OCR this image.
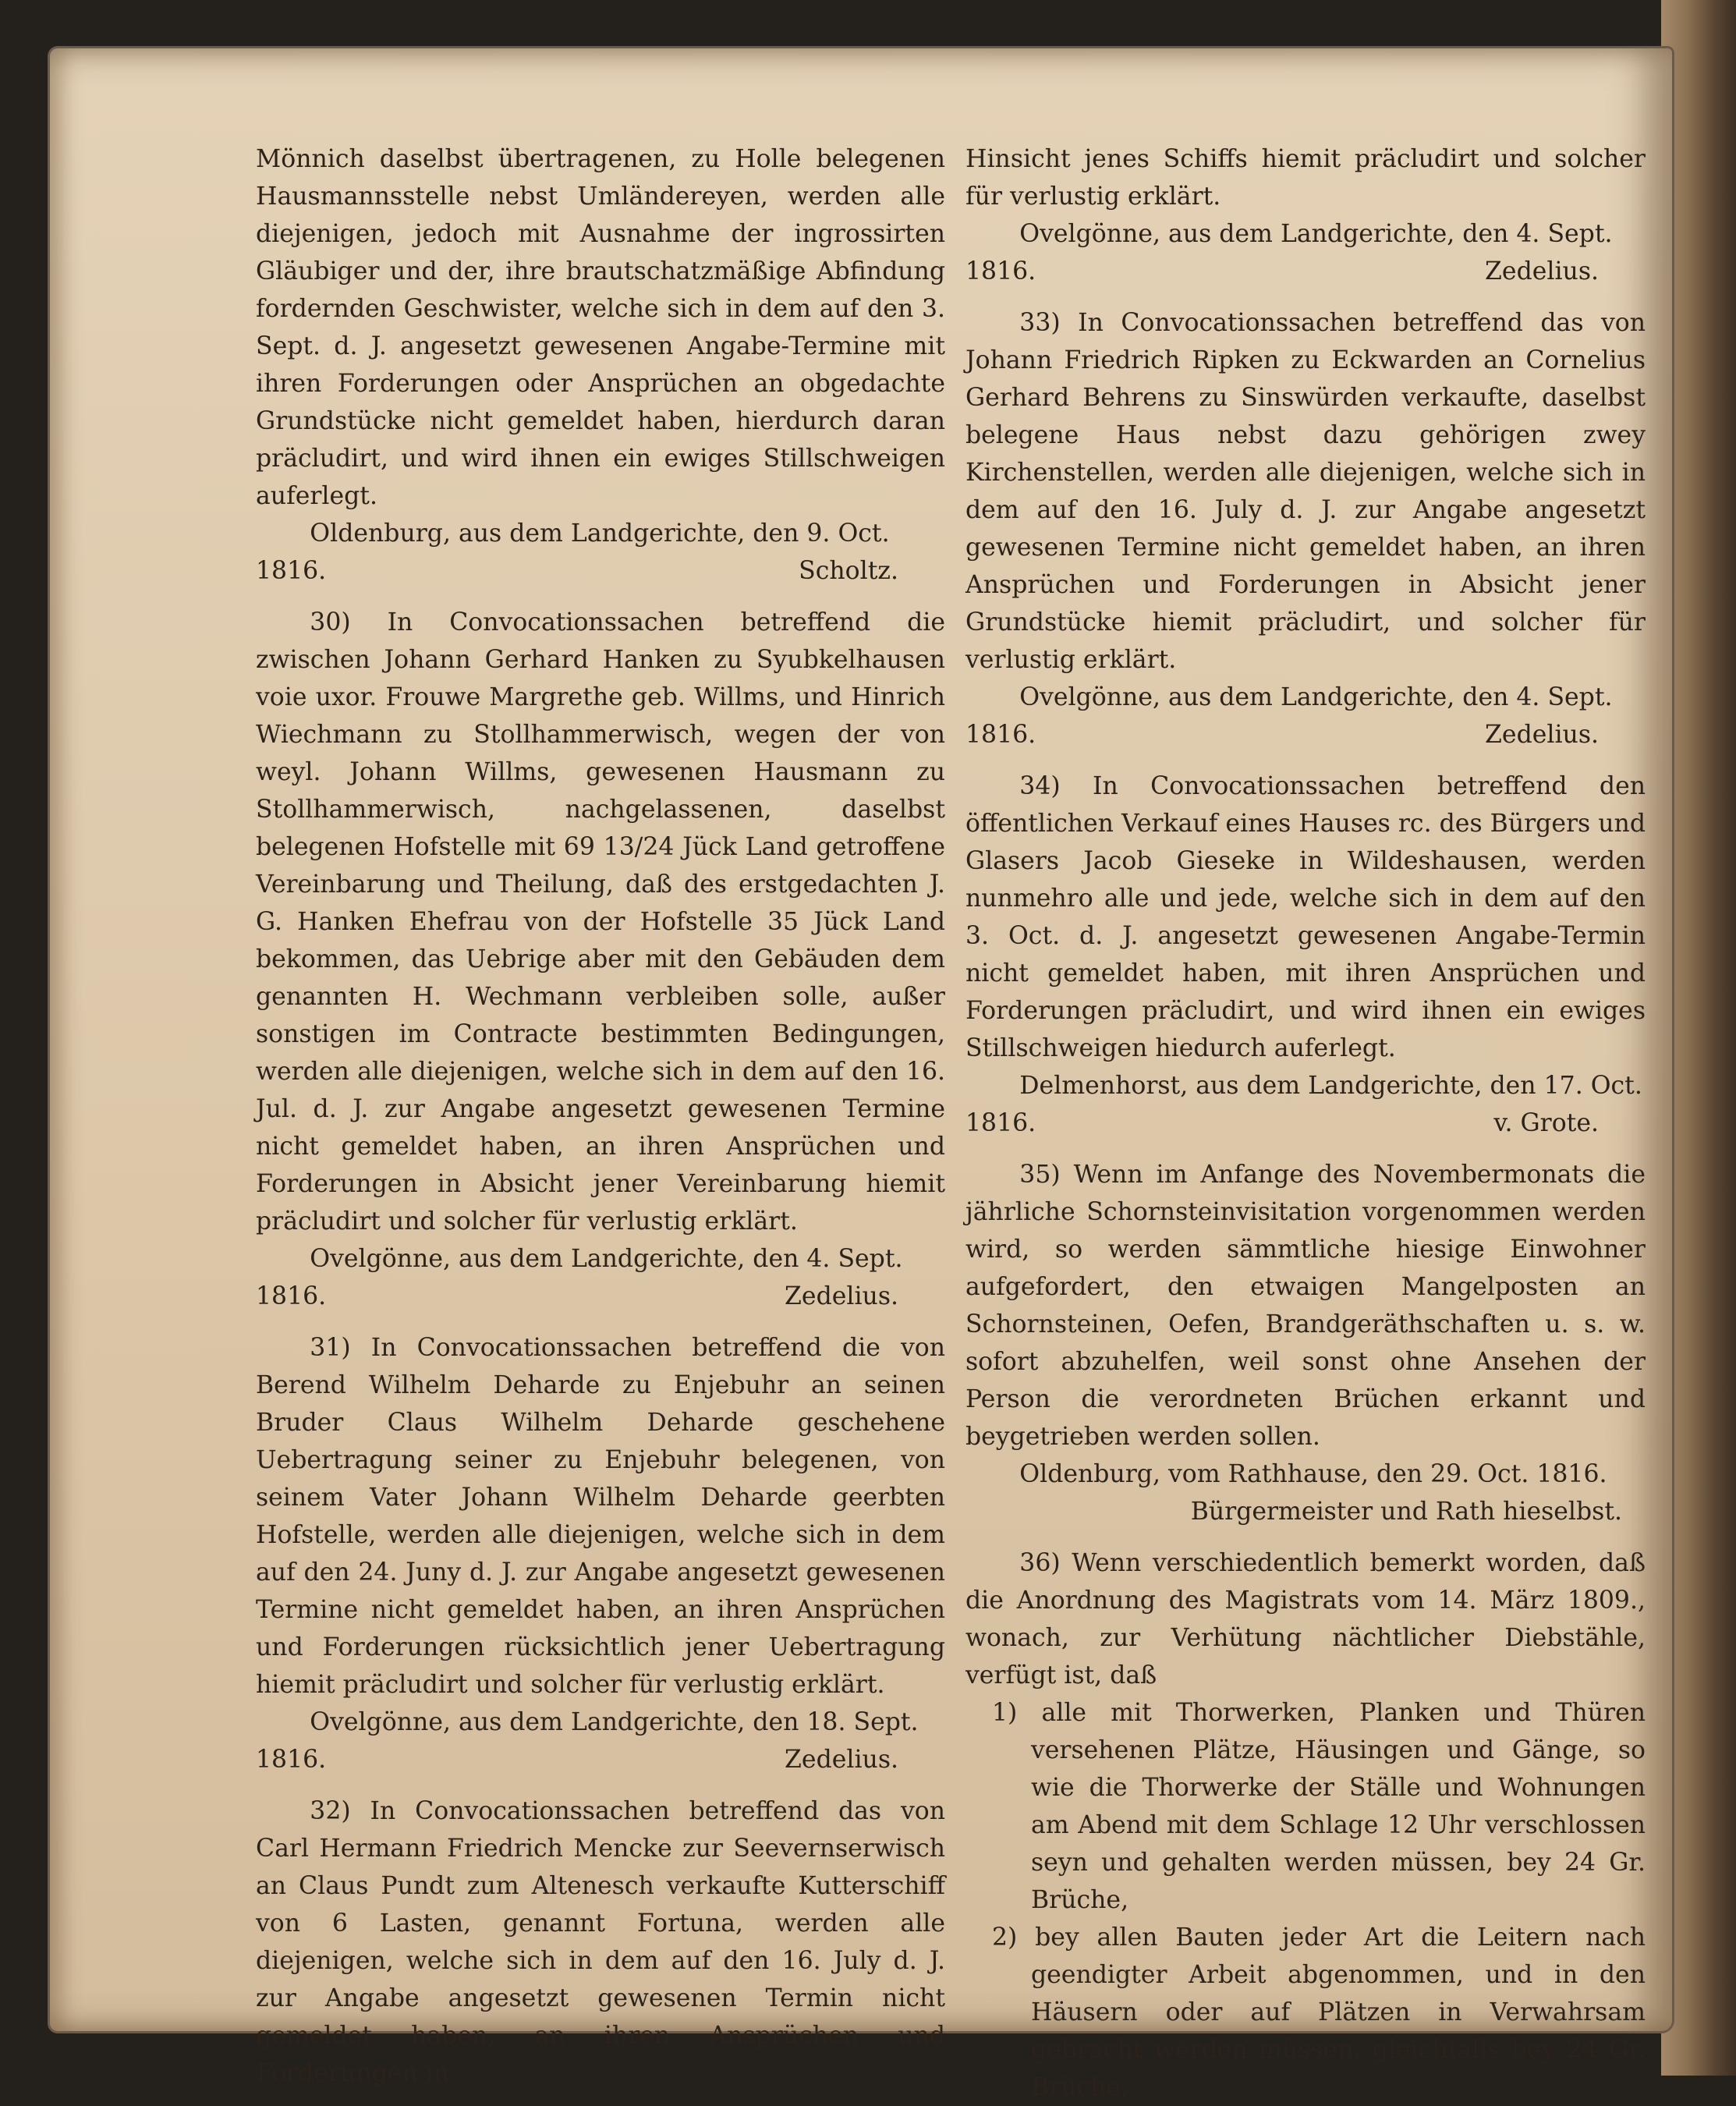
Mönnich daselbst übertragenen, zu Holle belegenen Hausmannsstelle nebst Umländereyen, werden alle diejenigen, jedoch mit Ausnahme der ingrossirten Gläubiger und der, ihre brautschatzmäßige Abfindung fordernden Geschwister, welche sich in dem auf den 3. Sept. d. J. angesetzt gewesenen Angabe-Termine mit ihren Forderungen oder Ansprüchen an obgedachte Grundstücke nicht gemeldet haben, hierdurch daran präcludirt, und wird ihnen ein ewiges Stillschweigen auferlegt.

Oldenburg, aus dem Landgerichte, den 9. Oct.

1816.	Scholtz.

30) In Convocationssachen betreffend die zwischen Johann Gerhard Hanken zu Syubkelhausen voie uxor. Frouwe Margrethe geb. Willms, und Hinrich Wiechmann zu Stollhammerwisch, wegen der von weyl. Johann Willms, gewesenen Hausmann zu Stollhammerwisch, nachgelassenen, daselbst belegenen Hofstelle mit 69 13/24 Jück Land getroffene Vereinbarung und Theilung, daß des erstgedachten J. G. Hanken Ehefrau von der Hofstelle 35 Jück Land bekommen, das Uebrige aber mit den Gebäuden dem genannten H. Wechmann verbleiben solle, außer sonstigen im Contracte bestimmten Bedingungen, werden alle diejenigen, welche sich in dem auf den 16. Jul. d. J. zur Angabe angesetzt gewesenen Termine nicht gemeldet haben, an ihren Ansprüchen und Forderungen in Absicht jener Vereinbarung hiemit präcludirt und solcher für verlustig erklärt.

Ovelgönne, aus dem Landgerichte, den 4. Sept.

1816.	Zedelius.

31) In Convocationssachen betreffend die von Berend Wilhelm Deharde zu Enjebuhr an seinen Bruder Claus Wilhelm Deharde geschehene Uebertragung seiner zu Enjebuhr belegenen, von seinem Vater Johann Wilhelm Deharde geerbten Hofstelle, werden alle diejenigen, welche sich in dem auf den 24. Juny d. J. zur Angabe angesetzt gewesenen Termine nicht gemeldet haben, an ihren Ansprüchen und Forderungen rücksichtlich jener Uebertragung hiemit präcludirt und solcher für verlustig erklärt.

Ovelgönne, aus dem Landgerichte, den 18. Sept.

1816.	Zedelius.

32) In Convocationssachen betreffend das von Carl Hermann Friedrich Mencke zur Seevernserwisch an Claus Pundt zum Altenesch verkaufte Kutterschiff von 6 Lasten, genannt Fortuna, werden alle diejenigen, welche sich in dem auf den 16. July d. J. zur Angabe angesetzt gewesenen Termin nicht gemeldet haben, an ihren Ansprüchen und Forderungen in

Hinsicht jenes Schiffs hiemit präcludirt und solcher für verlustig erklärt.

Ovelgönne, aus dem Landgerichte, den 4. Sept.

1816.	Zedelius.

33) In Convocationssachen betreffend das von Johann Friedrich Ripken zu Eckwarden an Cornelius Gerhard Behrens zu Sinswürden verkaufte, daselbst belegene Haus nebst dazu gehörigen zwey Kirchenstellen, werden alle diejenigen, welche sich in dem auf den 16. July d. J. zur Angabe angesetzt gewesenen Termine nicht gemeldet haben, an ihren Ansprüchen und Forderungen in Absicht jener Grundstücke hiemit präcludirt, und solcher für verlustig erklärt.

Ovelgönne, aus dem Landgerichte, den 4. Sept.

1816.	Zedelius.

34) In Convocationssachen betreffend den öffentlichen Verkauf eines Hauses rc. des Bürgers und Glasers Jacob Gieseke in Wildeshausen, werden nunmehro alle und jede, welche sich in dem auf den 3. Oct. d. J. angesetzt gewesenen Angabe-Termin nicht gemeldet haben, mit ihren Ansprüchen und Forderungen präcludirt, und wird ihnen ein ewiges Stillschweigen hiedurch auferlegt.

Delmenhorst, aus dem Landgerichte, den 17. Oct.

1816.	v. Grote.

35) Wenn im Anfange des Novembermonats die jährliche Schornsteinvisitation vorgenommen werden wird, so werden sämmtliche hiesige Einwohner aufgefordert, den etwaigen Mangelposten an Schornsteinen, Oefen, Brandgeräthschaften u. s. w. sofort abzuhelfen, weil sonst ohne Ansehen der Person die verordneten Brüchen erkannt und beygetrieben werden sollen.

Oldenburg, vom Rathhause, den 29. Oct. 1816.

Bürgermeister und Rath hieselbst.

36) Wenn verschiedentlich bemerkt worden, daß die Anordnung des Magistrats vom 14. März 1809., wonach, zur Verhütung nächtlicher Diebstähle, verfügt ist, daß

1) alle mit Thorwerken, Planken und Thüren versehenen Plätze, Häusingen und Gänge, so wie die Thorwerke der Ställe und Wohnungen am Abend mit dem Schlage 12 Uhr verschlossen seyn und gehalten werden müssen, bey 24 Gr. Brüche,

2) bey allen Bauten jeder Art die Leitern nach geendigter Arbeit abgenommen, und in den Häusern oder auf Plätzen in Verwahrsam gebracht werden müssen, gleichfalls bey 24 Gr. Brüche,
